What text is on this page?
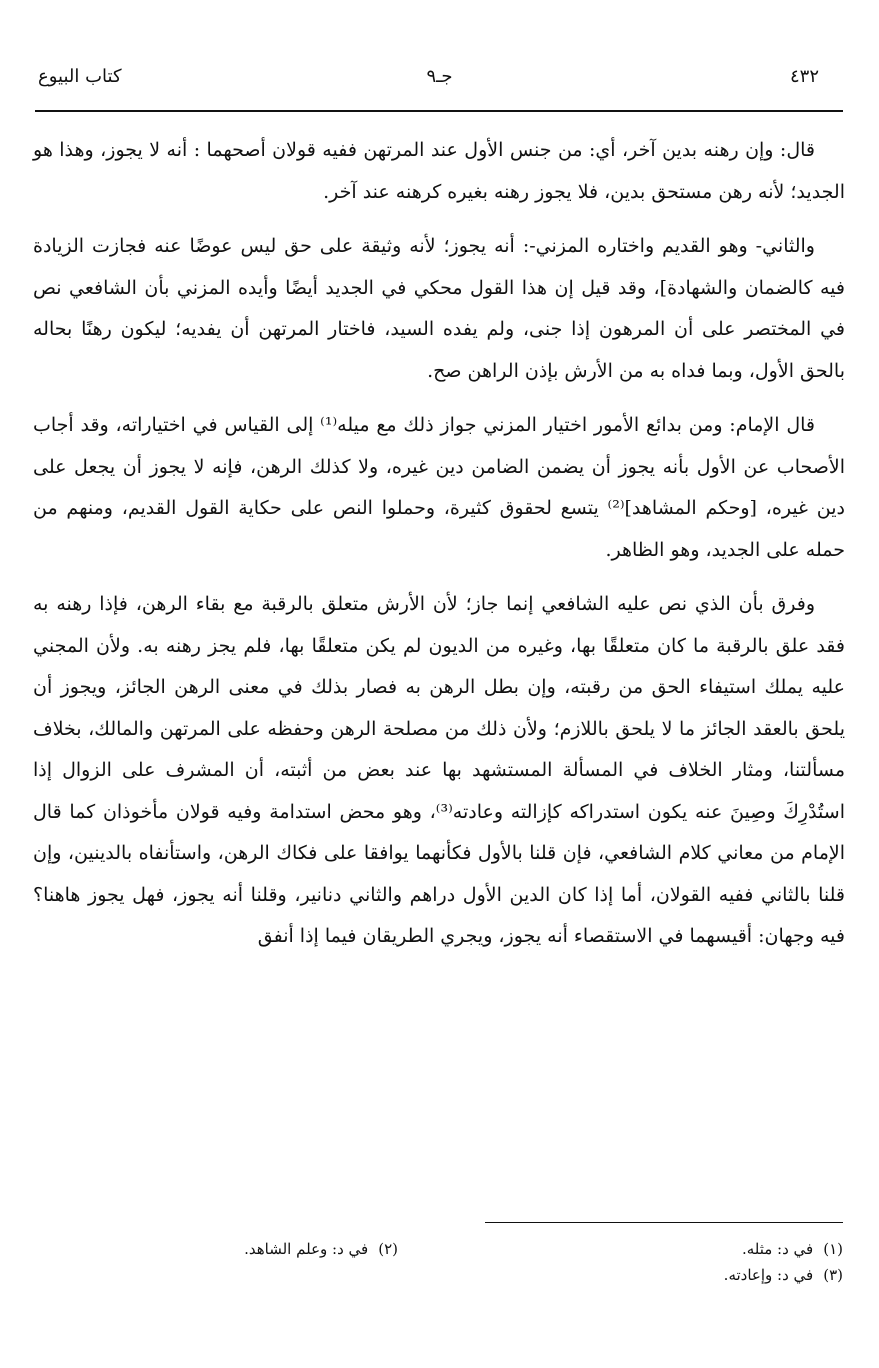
٤٣٢
جـ٩
كتاب البيوع

قال: وإن رهنه بدين آخر، أي: من جنس الأول عند المرتهن ففيه قولان أصحهما : أنه لا يجوز، وهذا هو الجديد؛ لأنه رهن مستحق بدين، فلا يجوز رهنه بغيره كرهنه عند آخر.

والثاني- وهو القديم واختاره المزني-: أنه يجوز؛ لأنه وثيقة على حق ليس عوضًا عنه فجازت الزيادة فيه كالضمان والشهادة]، وقد قيل إن هذا القول محكي في الجديد أيضًا وأيده المزني بأن الشافعي نص في المختصر على أن المرهون إذا جنى، ولم يفده السيد، فاختار المرتهن أن يفديه؛ ليكون رهنًا بحاله بالحق الأول، وبما فداه به من الأرش بإذن الراهن صح.

قال الإمام: ومن بدائع الأمور اختيار المزني جواز ذلك مع ميله⁽¹⁾ إلى القياس في اختياراته، وقد أجاب الأصحاب عن الأول بأنه يجوز أن يضمن الضامن دين غيره، ولا كذلك الرهن، فإنه لا يجوز أن يجعل على دين غيره، [وحكم المشاهد]⁽²⁾ يتسع لحقوق كثيرة، وحملوا النص على حكاية القول القديم، ومنهم من حمله على الجديد، وهو الظاهر.

وفرق بأن الذي نص عليه الشافعي إنما جاز؛ لأن الأرش متعلق بالرقبة مع بقاء الرهن، فإذا رهنه به فقد علق بالرقبة ما كان متعلقًا بها، وغيره من الديون لم يكن متعلقًا بها، فلم يجز رهنه به. ولأن المجني عليه يملك استيفاء الحق من رقبته، وإن بطل الرهن به فصار بذلك في معنى الرهن الجائز، ويجوز أن يلحق بالعقد الجائز ما لا يلحق باللازم؛ ولأن ذلك من مصلحة الرهن وحفظه على المرتهن والمالك، بخلاف مسألتنا، ومثار الخلاف في المسألة المستشهد بها عند بعض من أثبته، أن المشرف على الزوال إذا استُدْرِكَ وصِينَ عنه يكون استدراكه كإزالته وعادته⁽³⁾، وهو محض استدامة وفيه قولان مأخوذان كما قال الإمام من معاني كلام الشافعي، فإن قلنا بالأول فكأنهما يوافقا على فكاك الرهن، واستأنفاه بالدينين، وإن قلنا بالثاني ففيه القولان، أما إذا كان الدين الأول دراهم والثاني دنانير، وقلنا أنه يجوز، فهل يجوز هاهنا؟ فيه وجهان: أقيسهما في الاستقصاء أنه يجوز، ويجري الطريقان فيما إذا أنفق

(١)في د: مثله.
(٢)في د: وعلم الشاهد.
(٣)في د: وإعادته.
